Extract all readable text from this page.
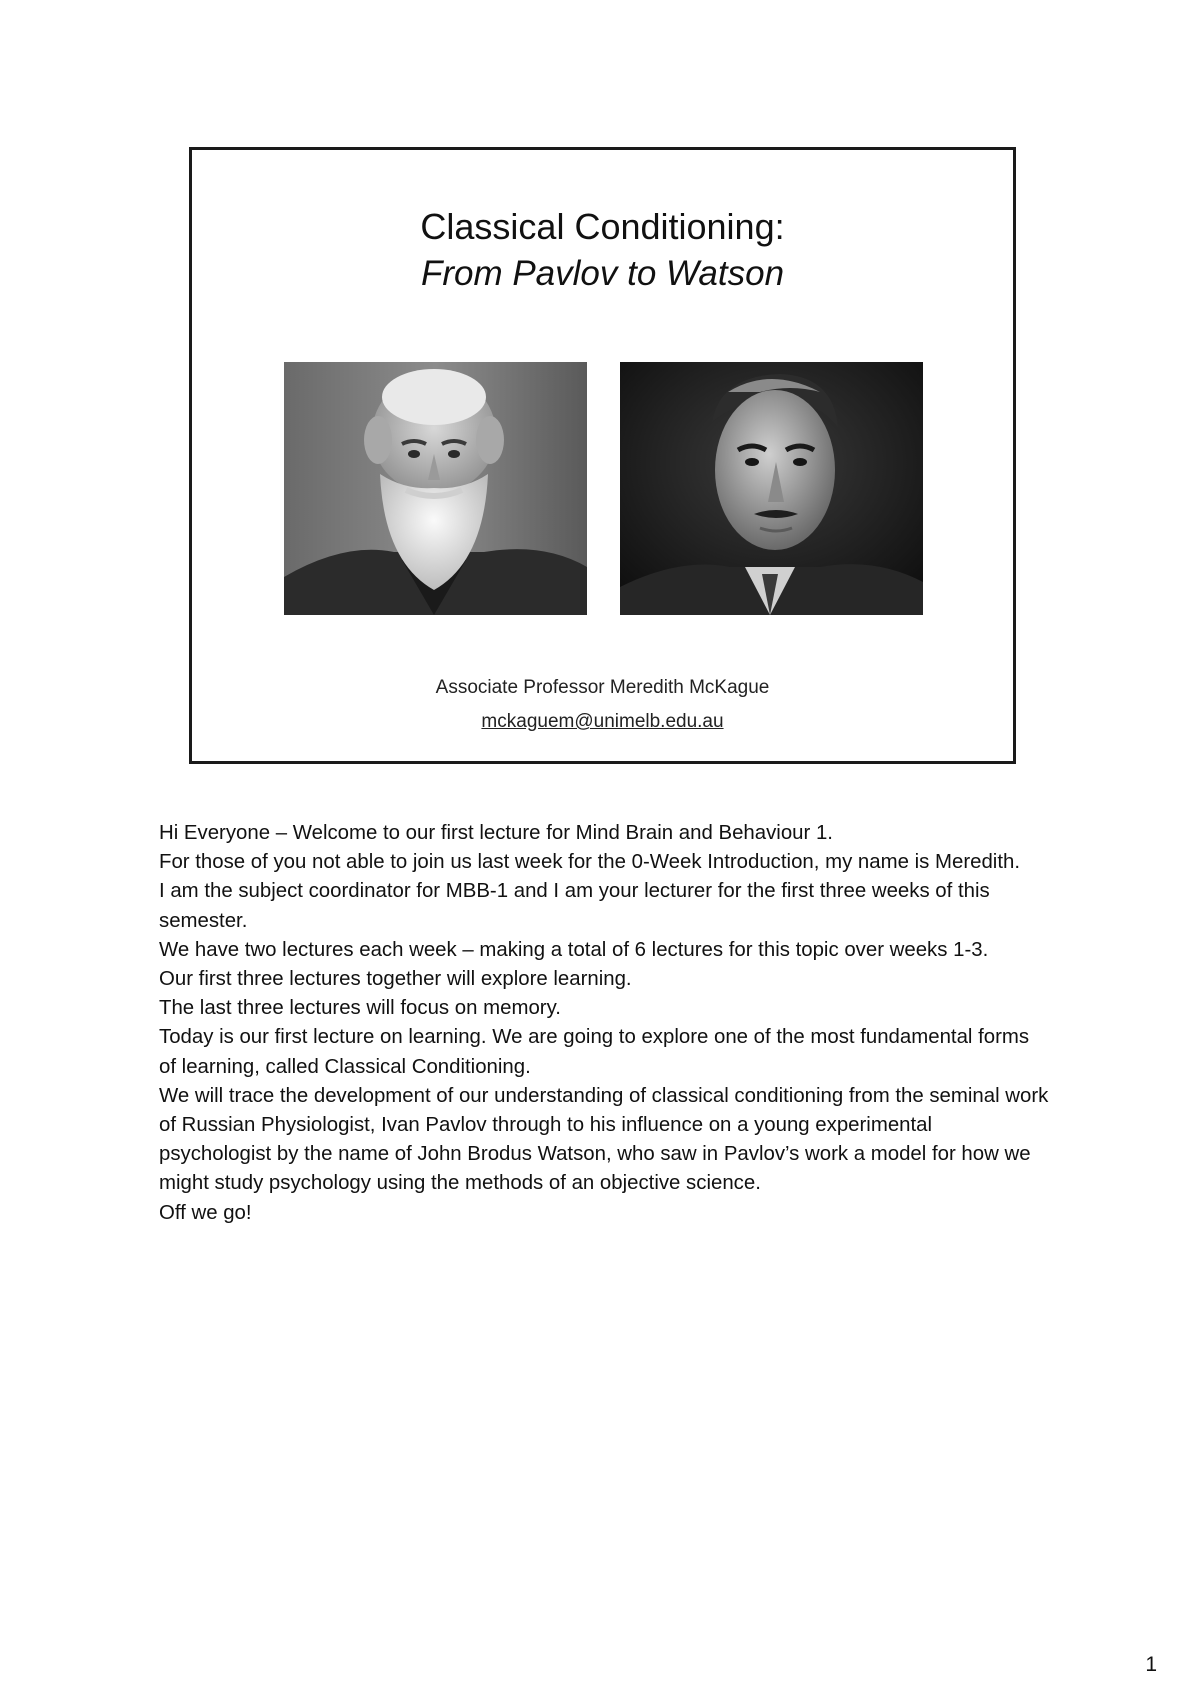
Classical Conditioning:
From Pavlov to Watson
Associate Professor Meredith McKague
mckaguem@unimelb.edu.au

Hi Everyone – Welcome to our first lecture for Mind Brain and Behaviour 1.

For those of you not able to join us last week for the 0-Week Introduction, my name is Meredith.

I am the subject coordinator for MBB-1 and I am your lecturer for the first three weeks of this semester.

We have two lectures each week – making a total of 6 lectures for this topic over weeks 1-3.

Our first three lectures together will explore learning.

The last three lectures will focus on memory.

Today is our first lecture on learning. We are going to explore one of the most fundamental forms of learning, called Classical Conditioning.

We will trace the development of our understanding of classical conditioning from the seminal work of Russian Physiologist, Ivan Pavlov through to his influence on a young experimental psychologist by the name of John Brodus Watson, who saw in Pavlov’s work a model for how we might study psychology using the methods of an objective science.

Off we go!

1
